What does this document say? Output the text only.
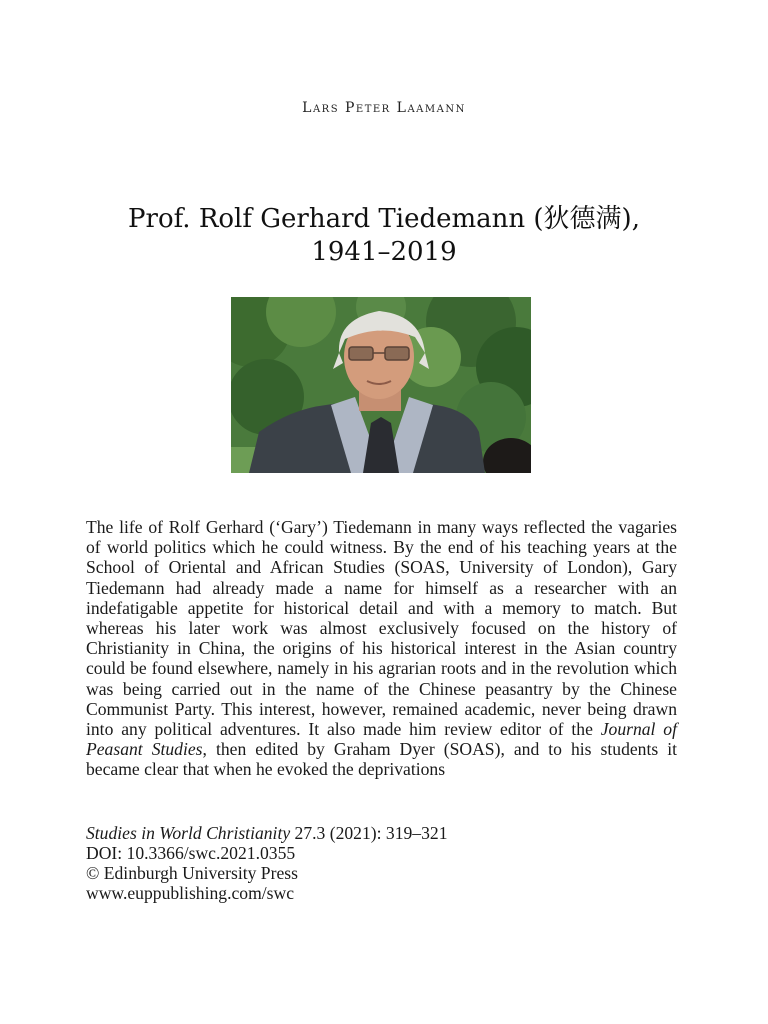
Lars Peter Laamann
Prof. Rolf Gerhard Tiedemann (狄德满),
1941–2019

The life of Rolf Gerhard (‘Gary’) Tiedemann in many ways reflected the vagaries of world politics which he could witness. By the end of his teaching years at the School of Oriental and African Studies (SOAS, University of London), Gary Tiedemann had already made a name for himself as a researcher with an indefatigable appetite for historical detail and with a memory to match. But whereas his later work was almost exclusively focused on the history of Christianity in China, the origins of his historical interest in the Asian country could be found elsewhere, namely in his agrarian roots and in the revolution which was being carried out in the name of the Chinese peasantry by the Chinese Communist Party. This interest, however, remained academic, never being drawn into any political adventures. It also made him review editor of the Journal of Peasant Studies, then edited by Graham Dyer (SOAS), and to his students it became clear that when he evoked the deprivations

Studies in World Christianity 27.3 (2021): 319–321
DOI: 10.3366/swc.2021.0355
© Edinburgh University Press
www.euppublishing.com/swc
